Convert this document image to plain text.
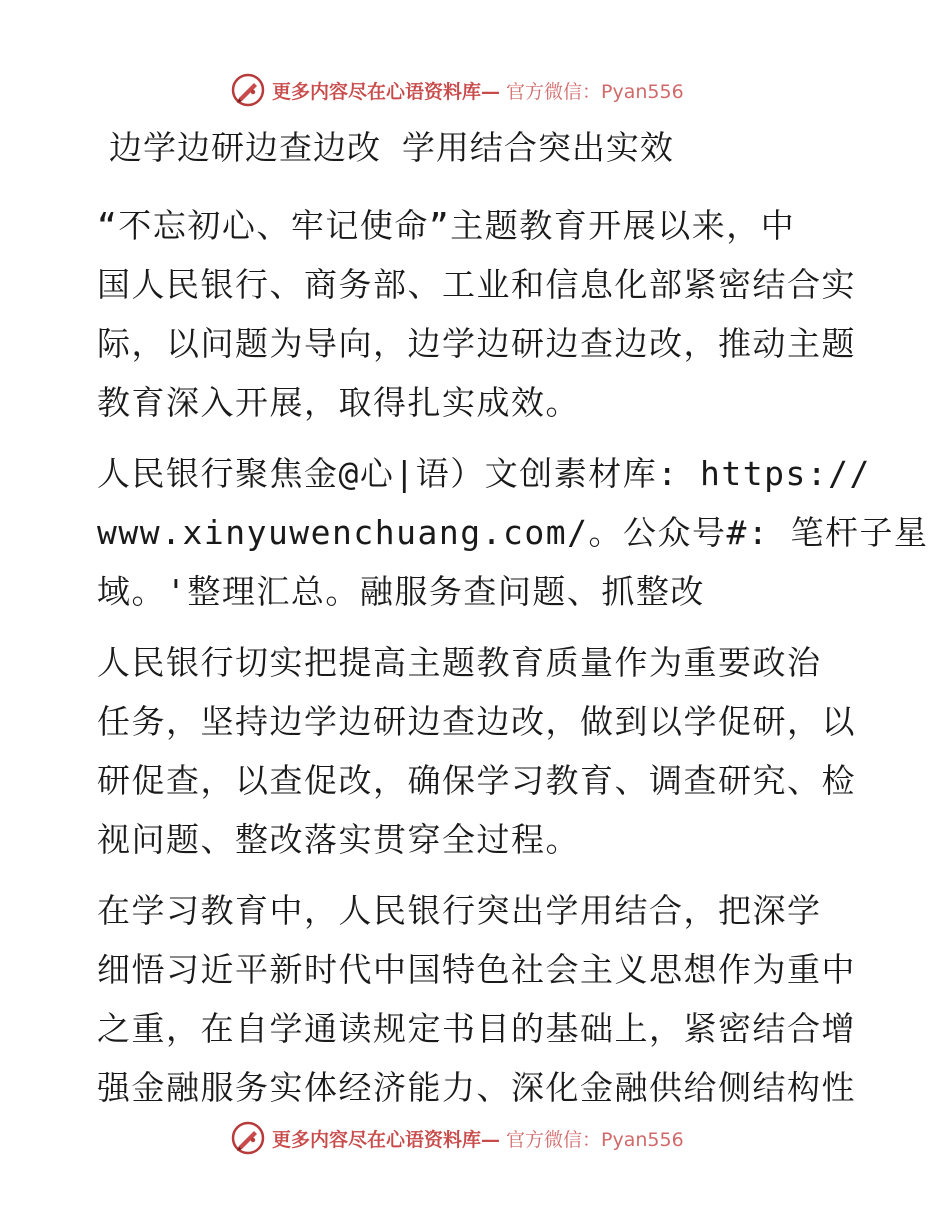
更多内容尽在心语资料库— 官方微信：Pyan556
边学边研边查边改 学用结合突出实效

“不忘初心、牢记使命”主题教育开展以来，中
国人民银行、商务部、工业和信息化部紧密结合实
际，以问题为导向，边学边研边查边改，推动主题
教育深入开展，取得扎实成效。

人民银行聚焦金@心|语）文创素材库: https://
www.xinyuwenchuang.com/。公众号#: 笔杆子星
域。'整理汇总。融服务查问题、抓整改

人民银行切实把提高主题教育质量作为重要政治
任务，坚持边学边研边查边改，做到以学促研，以
研促查，以查促改，确保学习教育、调查研究、检
视问题、整改落实贯穿全过程。

在学习教育中，人民银行突出学用结合，把深学
细悟习近平新时代中国特色社会主义思想作为重中
之重，在自学通读规定书目的基础上，紧密结合增
强金融服务实体经济能力、深化金融供给侧结构性

更多内容尽在心语资料库— 官方微信：Pyan556
